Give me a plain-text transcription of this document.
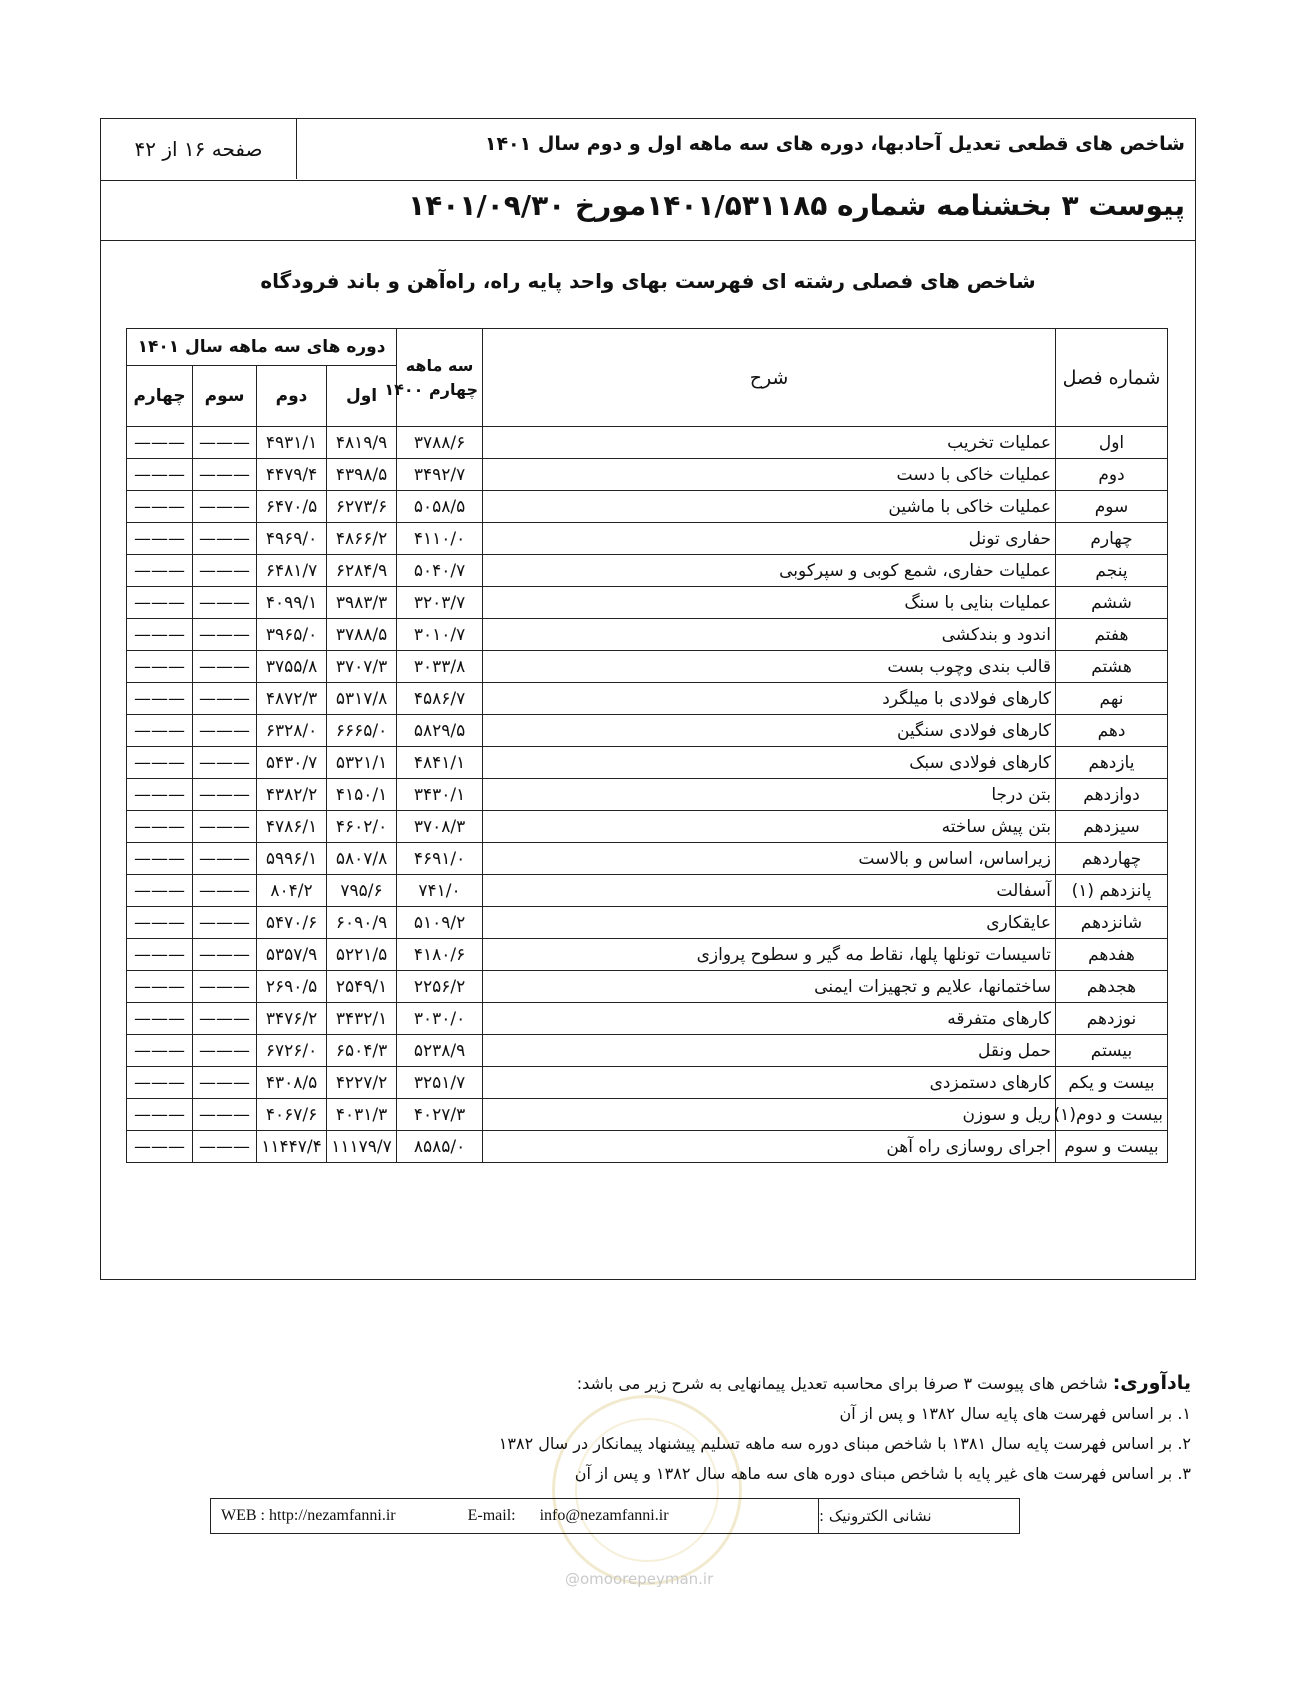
شاخص های قطعی تعدیل آحادبها، دوره های سه ماهه اول و دوم سال ۱۴۰۱
صفحه ۱۶ از ۴۲
پیوست ۳ بخشنامه شماره ۱۴۰۱/۵۳۱۱۸۵مورخ ۱۴۰۱/۰۹/۳۰
شاخص های فصلی رشته ای فهرست بهای واحد پایه راه، راه‌آهن و باند فرودگاه
شماره فصل	شرح	سه ماهه
چهارم ۱۴۰۰	دوره های سه ماهه سال ۱۴۰۱			
			اول	دوم	سوم	چهارم
اول	عملیات تخریب	۳۷۸۸/۶	۴۸۱۹/۹	۴۹۳۱/۱	———	———
دوم	عملیات خاکی با دست	۳۴۹۲/۷	۴۳۹۸/۵	۴۴۷۹/۴	———	———
سوم	عملیات خاکی با ماشین	۵۰۵۸/۵	۶۲۷۳/۶	۶۴۷۰/۵	———	———
چهارم	حفاری تونل	۴۱۱۰/۰	۴۸۶۶/۲	۴۹۶۹/۰	———	———
پنجم	عملیات حفاری، شمع کوبی و سپرکوبی	۵۰۴۰/۷	۶۲۸۴/۹	۶۴۸۱/۷	———	———
ششم	عملیات بنایی با سنگ	۳۲۰۳/۷	۳۹۸۳/۳	۴۰۹۹/۱	———	———
هفتم	اندود و بندکشی	۳۰۱۰/۷	۳۷۸۸/۵	۳۹۶۵/۰	———	———
هشتم	قالب بندی وچوب بست	۳۰۳۳/۸	۳۷۰۷/۳	۳۷۵۵/۸	———	———
نهم	کارهای فولادی با میلگرد	۴۵۸۶/۷	۵۳۱۷/۸	۴۸۷۲/۳	———	———
دهم	کارهای فولادی سنگین	۵۸۲۹/۵	۶۶۶۵/۰	۶۳۲۸/۰	———	———
یازدهم	کارهای فولادی سبک	۴۸۴۱/۱	۵۳۲۱/۱	۵۴۳۰/۷	———	———
دوازدهم	بتن درجا	۳۴۳۰/۱	۴۱۵۰/۱	۴۳۸۲/۲	———	———
سیزدهم	بتن پیش ساخته	۳۷۰۸/۳	۴۶۰۲/۰	۴۷۸۶/۱	———	———
چهاردهم	زیراساس، اساس و بالاست	۴۶۹۱/۰	۵۸۰۷/۸	۵۹۹۶/۱	———	———
پانزدهم (۱)	آسفالت	۷۴۱/۰	۷۹۵/۶	۸۰۴/۲	———	———
شانزدهم	عایقکاری	۵۱۰۹/۲	۶۰۹۰/۹	۵۴۷۰/۶	———	———
هفدهم	تاسیسات تونلها پلها، نقاط مه گیر و سطوح پروازی	۴۱۸۰/۶	۵۲۲۱/۵	۵۳۵۷/۹	———	———
هجدهم	ساختمانها، علایم و تجهیزات ایمنی	۲۲۵۶/۲	۲۵۴۹/۱	۲۶۹۰/۵	———	———
نوزدهم	کارهای متفرقه	۳۰۳۰/۰	۳۴۳۲/۱	۳۴۷۶/۲	———	———
بیستم	حمل ونقل	۵۲۳۸/۹	۶۵۰۴/۳	۶۷۲۶/۰	———	———
بیست و یکم	کارهای دستمزدی	۳۲۵۱/۷	۴۲۲۷/۲	۴۳۰۸/۵	———	———
بیست و دوم(۱)	ریل و سوزن	۴۰۲۷/۳	۴۰۳۱/۳	۴۰۶۷/۶	———	———
بیست و سوم	اجرای روسازی راه آهن	۸۵۸۵/۰	۱۱۱۷۹/۷	۱۱۴۴۷/۴	———	———
یادآوری: شاخص های پیوست ۳ صرفا برای محاسبه تعدیل پیمانهایی به شرح زیر می باشد:
۱. بر اساس فهرست های پایه سال ۱۳۸۲ و پس از آن
۲. بر اساس فهرست پایه سال ۱۳۸۱ با شاخص مبنای دوره سه ماهه تسلیم پیشنهاد پیمانکار در سال ۱۳۸۲
۳. بر اساس فهرست های غیر پایه با شاخص مبنای دوره های سه ماهه سال ۱۳۸۲ و پس از آن
WEB : http://nezamfanni.ir	E-mail: info@nezamfanni.ir	نشانی الکترونیک :
@omoorepeyman.ir
